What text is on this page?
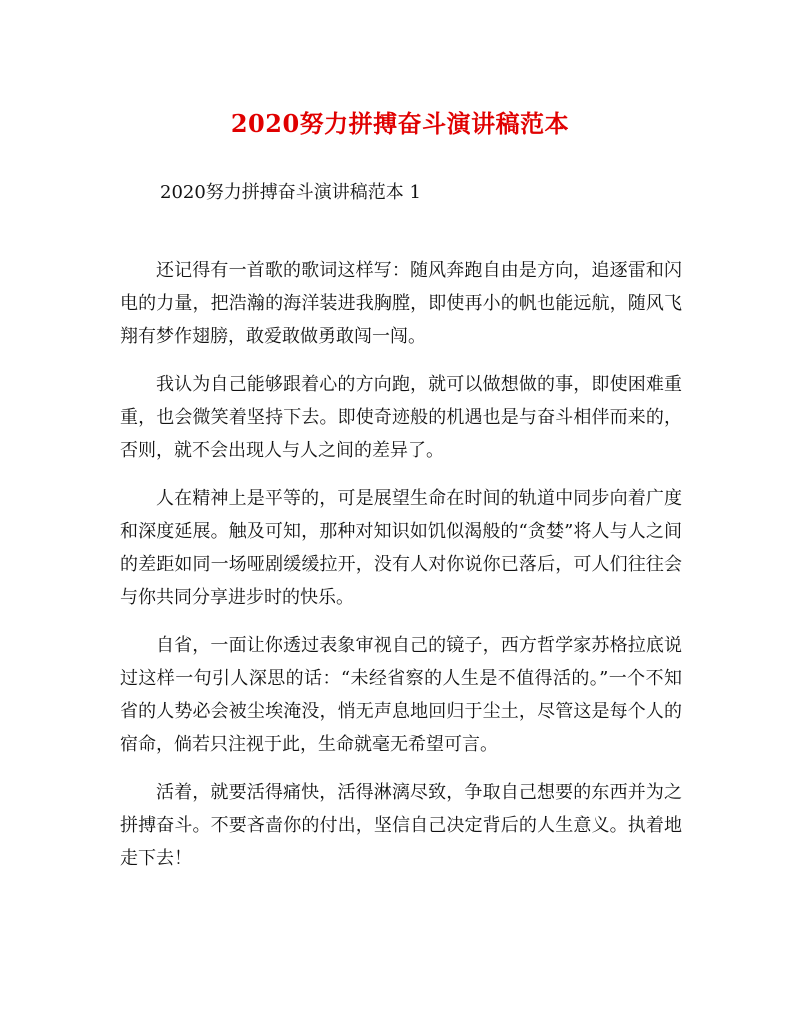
2020努力拼搏奋斗演讲稿范本
2020努力拼搏奋斗演讲稿范本 1

还记得有一首歌的歌词这样写：随风奔跑自由是方向，追逐雷和闪电的力量，把浩瀚的海洋装进我胸膛，即使再小的帆也能远航，随风飞翔有梦作翅膀，敢爱敢做勇敢闯一闯。

我认为自己能够跟着心的方向跑，就可以做想做的事，即使困难重重，也会微笑着坚持下去。即使奇迹般的机遇也是与奋斗相伴而来的，否则，就不会出现人与人之间的差异了。

人在精神上是平等的，可是展望生命在时间的轨道中同步向着广度和深度延展。触及可知，那种对知识如饥似渴般的“贪婪”将人与人之间的差距如同一场哑剧缓缓拉开，没有人对你说你已落后，可人们往往会与你共同分享进步时的快乐。

自省，一面让你透过表象审视自己的镜子，西方哲学家苏格拉底说过这样一句引人深思的话：“未经省察的人生是不值得活的。”一个不知省的人势必会被尘埃淹没，悄无声息地回归于尘土，尽管这是每个人的宿命，倘若只注视于此，生命就毫无希望可言。

活着，就要活得痛快，活得淋漓尽致，争取自己想要的东西并为之拼搏奋斗。不要吝啬你的付出，坚信自己决定背后的人生意义。执着地走下去！
